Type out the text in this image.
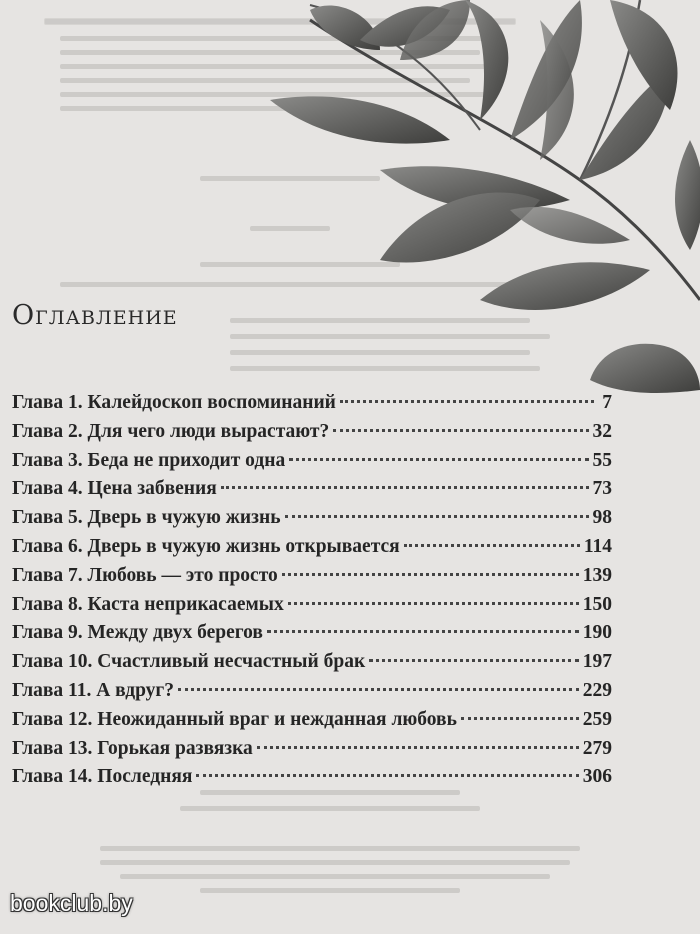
Оглавление
Глава 1. Калейдоскоп воспоминаний	7
Глава 2. Для чего люди вырастают?	32
Глава 3. Беда не приходит одна	55
Глава 4. Цена забвения	73
Глава 5. Дверь в чужую жизнь	98
Глава 6. Дверь в чужую жизнь открывается	114
Глава 7. Любовь — это просто	139
Глава 8. Каста неприкасаемых	150
Глава 9. Между двух берегов	190
Глава 10. Счастливый несчастный брак	197
Глава 11. А вдруг?	229
Глава 12. Неожиданный враг и нежданная любовь	259
Глава 13. Горькая развязка	279
Глава 14. Последняя	306
bookclub.by
